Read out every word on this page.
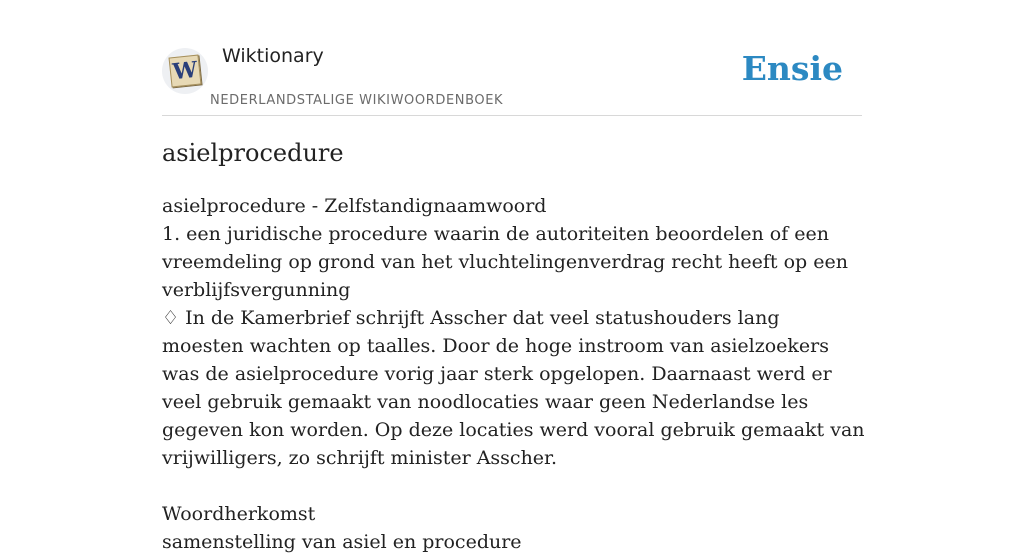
W
Wiktionary
NEDERLANDSTALIGE WIKIWOORDENBOEK
Ensie
asielprocedure

asielprocedure - Zelfstandignaamwoord

1. een juridische procedure waarin de autoriteiten beoordelen of een vreemdeling op grond van het vluchtelingenverdrag recht heeft op een verblijfsvergunning

♢ In de Kamerbrief schrijft Asscher dat veel statushouders lang moesten wachten op taalles. Door de hoge instroom van asielzoekers was de asielprocedure vorig jaar sterk opgelopen. Daarnaast werd er veel gebruik gemaakt van noodlocaties waar geen Nederlandse les gegeven kon worden. Op deze locaties werd vooral gebruik gemaakt van vrijwilligers, zo schrijft minister Asscher.

Woordherkomst

samenstelling van asiel en procedure
